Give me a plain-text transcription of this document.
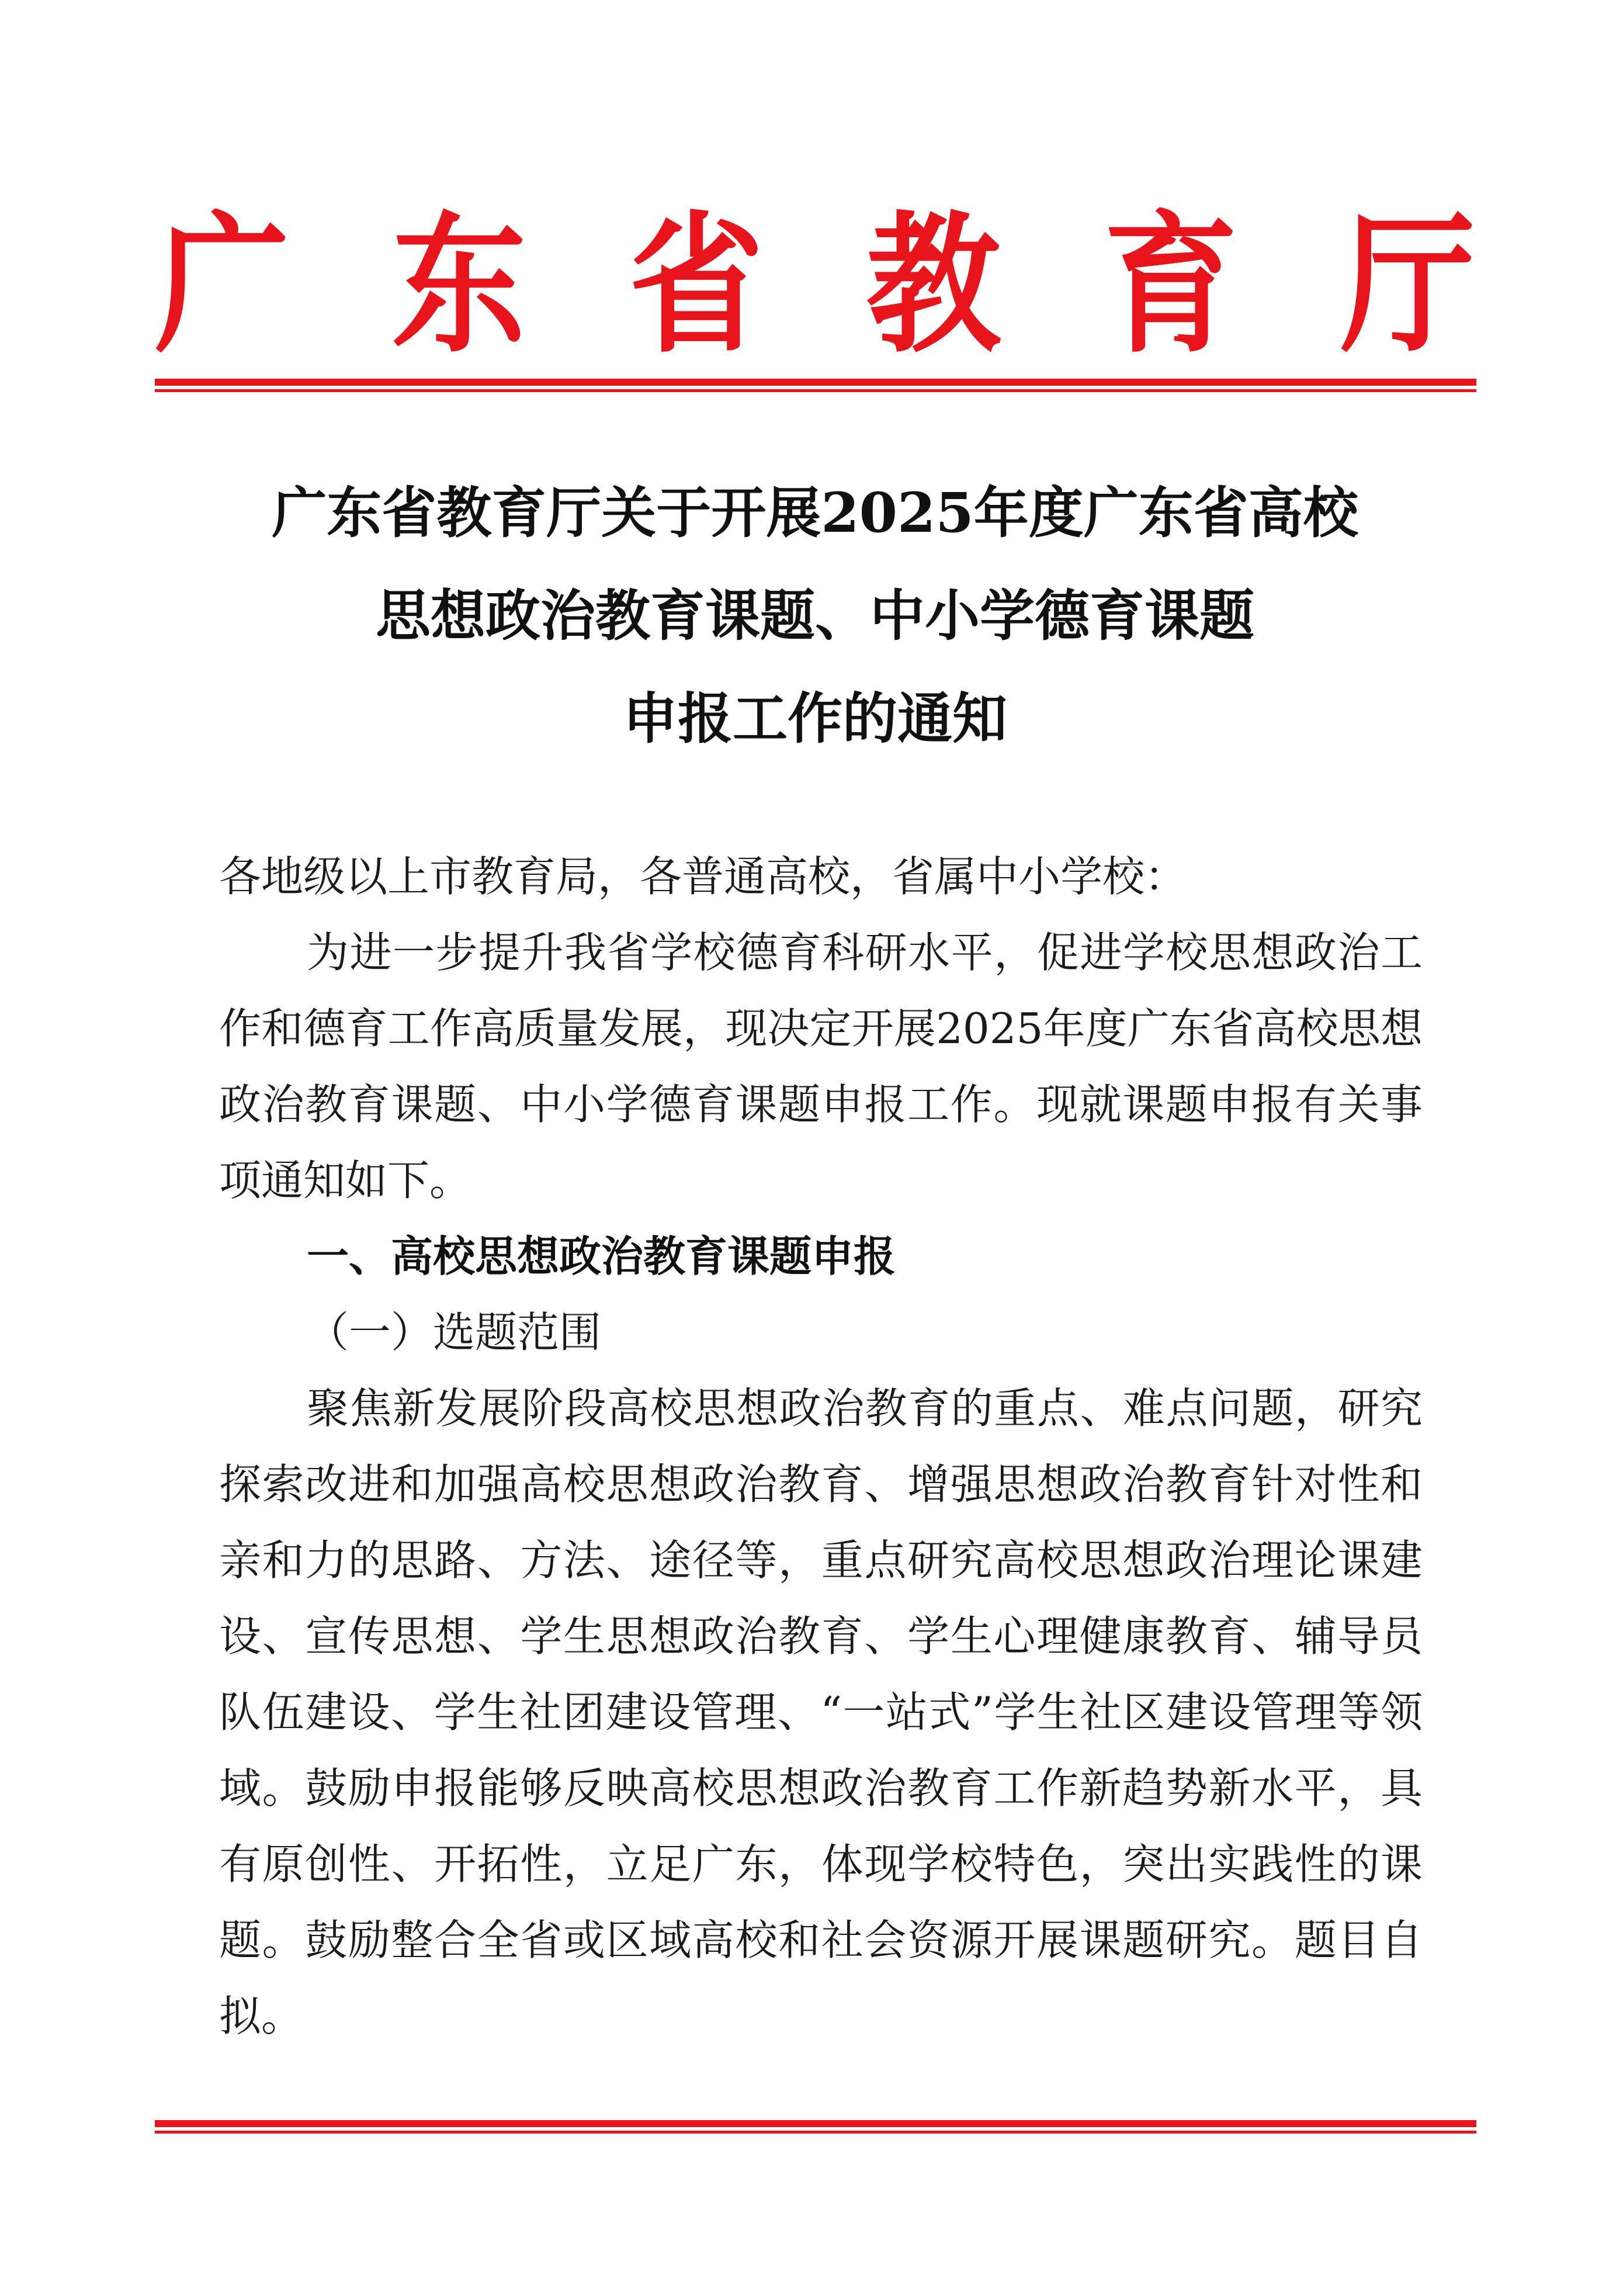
广 东 省 教 育 厅
广东省教育厅关于开展2025年度广东省高校
思想政治教育课题、中小学德育课题
申报工作的通知

各地级以上市教育局，各普通高校，省属中小学校：

为进一步提升我省学校德育科研水平，促进学校思想政治工作和德育工作高质量发展，现决定开展2025年度广东省高校思想政治教育课题、中小学德育课题申报工作。现就课题申报有关事项通知如下。

一、高校思想政治教育课题申报

（一）选题范围

聚焦新发展阶段高校思想政治教育的重点、难点问题，研究探索改进和加强高校思想政治教育、增强思想政治教育针对性和亲和力的思路、方法、途径等，重点研究高校思想政治理论课建设、宣传思想、学生思想政治教育、学生心理健康教育、辅导员队伍建设、学生社团建设管理、“一站式”学生社区建设管理等领域。鼓励申报能够反映高校思想政治教育工作新趋势新水平，具有原创性、开拓性，立足广东，体现学校特色，突出实践性的课题。鼓励整合全省或区域高校和社会资源开展课题研究。题目自拟。
